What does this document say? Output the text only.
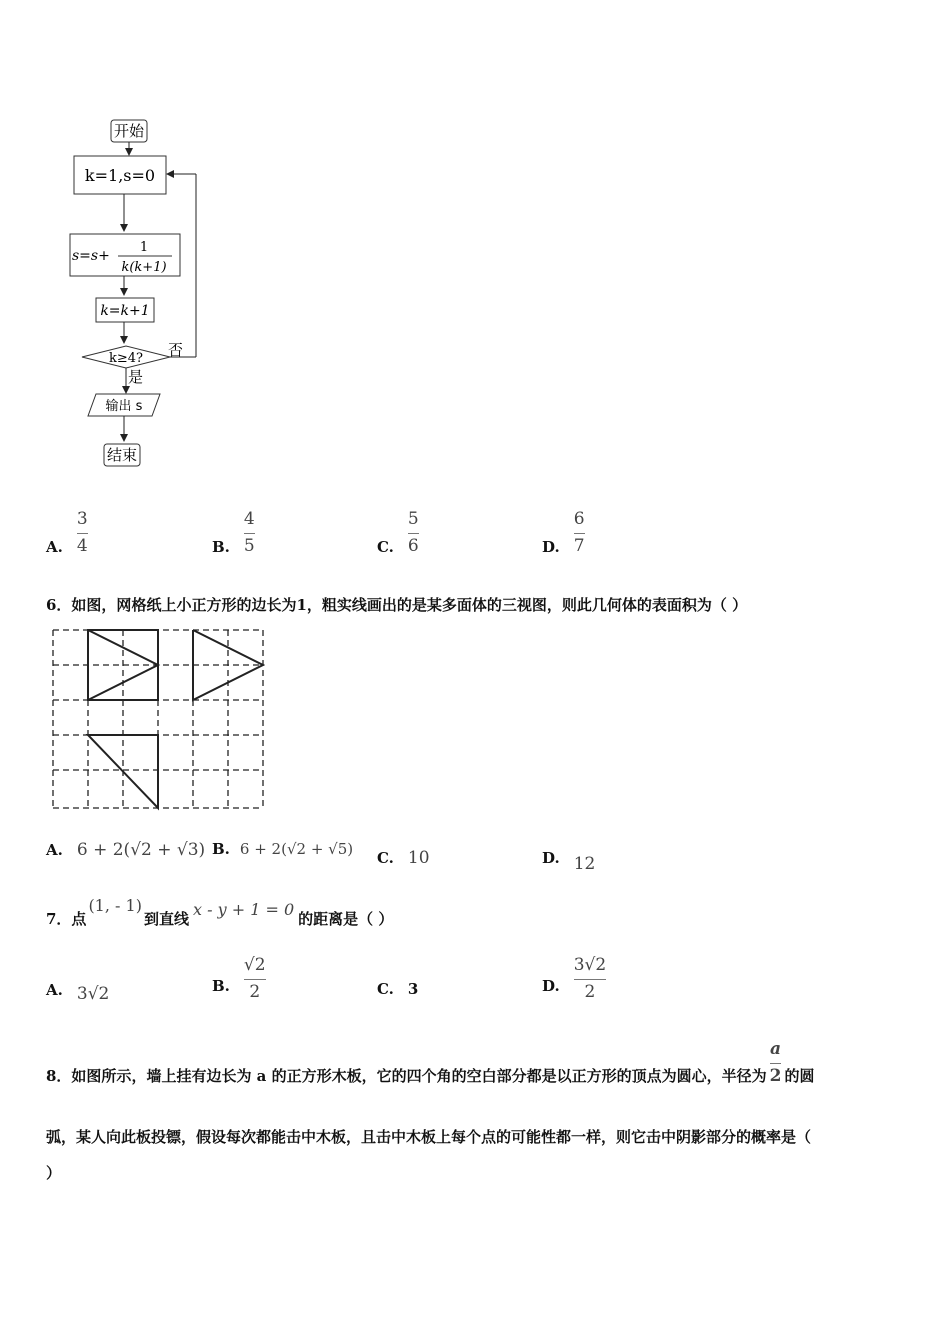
开始
k=1,s=0
s=s+
1
k(k+1)
k=k+1
k≥4? 否
是
输出 s
结束
A. $\frac{3}{4}$	B. $\frac{4}{5}$	C. $\frac{5}{6}$	D. $\frac{6}{7}$
6．如图，网格纸上小正方形的边长为1，粗实线画出的是某多面体的三视图，则此几何体的表面积为（ ）
A. 6 + 2(√2 + √3) B. 6 + 2(√2 + √5) C. 10	D. 12
7．点
(1, - 1)
到直线 x - y + 1 = 0 的距离是（ ）
A. 3√2	B. $\frac{√2}{2}$	C. 3	D. $\frac{3√2}{2}$
8．如图所示，墙上挂有边长为 a 的正方形木板，它的四个角的空白部分都是以正方形的顶点为圆心，半径为 $\frac{a}{2}$ 的圆
弧，某人向此板投镖，假设每次都能击中木板，且击中木板上每个点的可能性都一样，则它击中阴影部分的概率是（
）
